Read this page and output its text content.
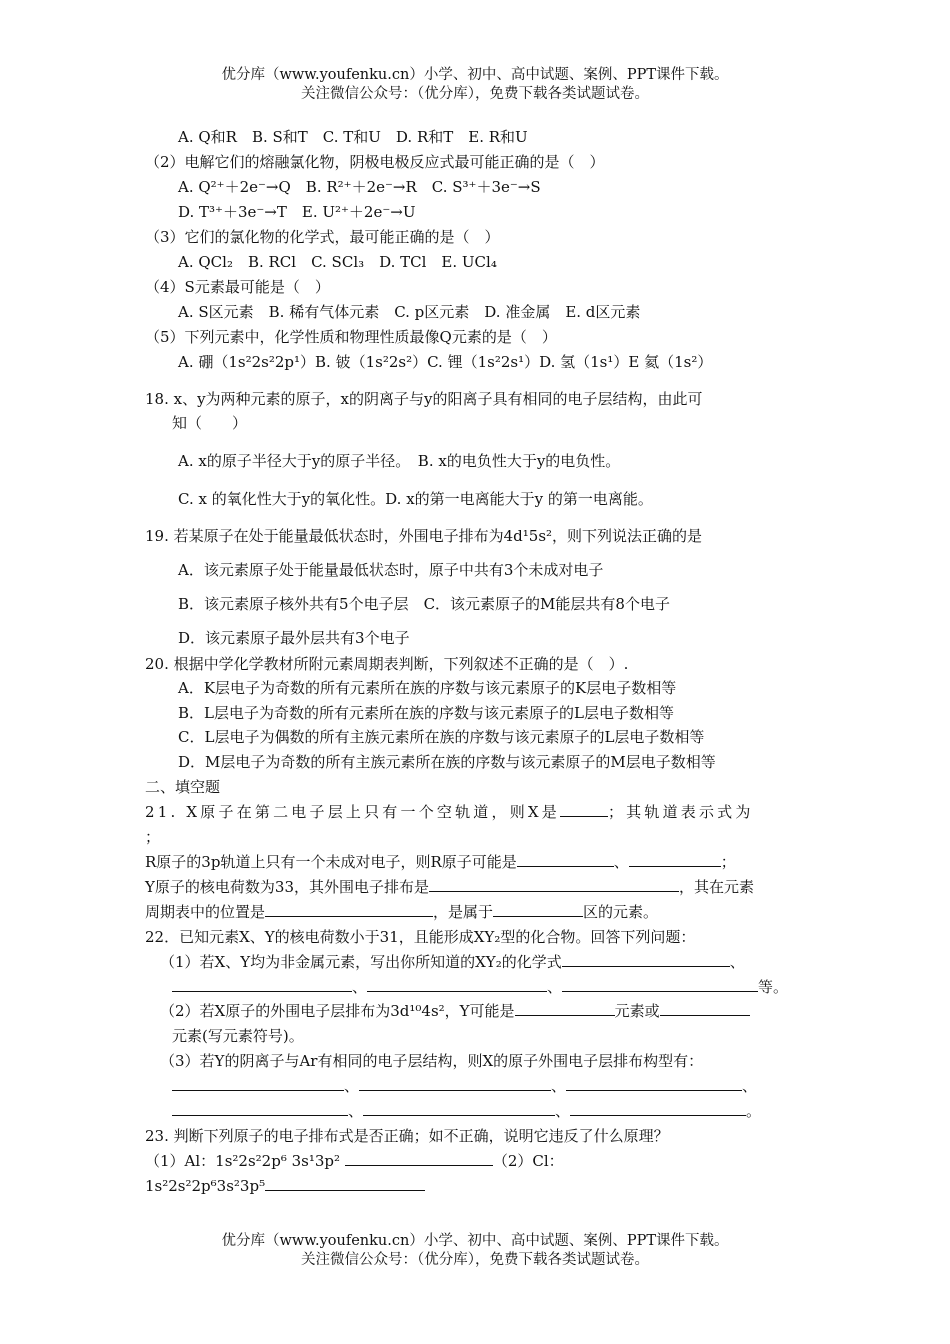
优分库（www.youfenku.cn）小学、初中、高中试题、案例、PPT课件下载。
关注微信公众号：（优分库），免费下载各类试题试卷。
A. Q和R　B. S和T　C. T和U　D. R和T　E. R和U
（2）电解它们的熔融氯化物，阴极电极反应式最可能正确的是（　）
A. Q²⁺＋2e⁻→Q　B. R²⁺＋2e⁻→R　C. S³⁺＋3e⁻→S
D. T³⁺＋3e⁻→T　E. U²⁺＋2e⁻→U
（3）它们的氯化物的化学式，最可能正确的是（　）
A. QCl₂　B. RCl　C. SCl₃　D. TCl　E. UCl₄
（4）S元素最可能是（　）
A. S区元素　B. 稀有气体元素　C. p区元素　D. 准金属　E. d区元素
（5）下列元素中，化学性质和物理性质最像Q元素的是（　）
A. 硼（1s²2s²2p¹）B. 铍（1s²2s²）C. 锂（1s²2s¹）D. 氢（1s¹）E 氦（1s²）
18. x、y为两种元素的原子，x的阴离子与y的阳离子具有相同的电子层结构，由此可
知（　　）
A. x的原子半径大于y的原子半径。　B. x的电负性大于y的电负性。
C. x 的氧化性大于y的氧化性。D. x的第一电离能大于y 的第一电离能。
19. 若某原子在处于能量最低状态时，外围电子排布为4d¹5s²，则下列说法正确的是
A．该元素原子处于能量最低状态时，原子中共有3个未成对电子
B．该元素原子核外共有5个电子层　C．该元素原子的M能层共有8个电子
D．该元素原子最外层共有3个电子
20. 根据中学化学教材所附元素周期表判断，下列叙述不正确的是（　）.
A．K层电子为奇数的所有元素所在族的序数与该元素原子的K层电子数相等
B．L层电子为奇数的所有元素所在族的序数与该元素原子的L层电子数相等
C．L层电子为偶数的所有主族元素所在族的序数与该元素原子的L层电子数相等
D．M层电子为奇数的所有主族元素所在族的序数与该元素原子的M层电子数相等
二、填空题
21. X原子在第二电子层上只有一个空轨道，则X是	；其轨道表示式为
；
R原子的3p轨道上只有一个未成对电子，则R原子可能是	、	；
Y原子的核电荷数为33，其外围电子排布是	，其在元素
周期表中的位置是	，是属于	区的元素。
22．已知元素X、Y的核电荷数小于31，且能形成XY₂型的化合物。回答下列问题：
（1）若X、Y均为非金属元素，写出你所知道的XY₂的化学式	、
、	、	等。
（2）若X原子的外围电子层排布为3d¹⁰4s²，Y可能是	元素或
元素(写元素符号)。
（3）若Y的阴离子与Ar有相同的电子层结构，则X的原子外围电子层排布构型有：
、	、	、
、	、	。
23. 判断下列原子的电子排布式是否正确；如不正确，说明它违反了什么原理？
（1）Al：1s²2s²2p⁶ 3s¹3p²	（2）Cl：
1s²2s²2p⁶3s²3p⁵
优分库（www.youfenku.cn）小学、初中、高中试题、案例、PPT课件下载。
关注微信公众号：（优分库），免费下载各类试题试卷。
